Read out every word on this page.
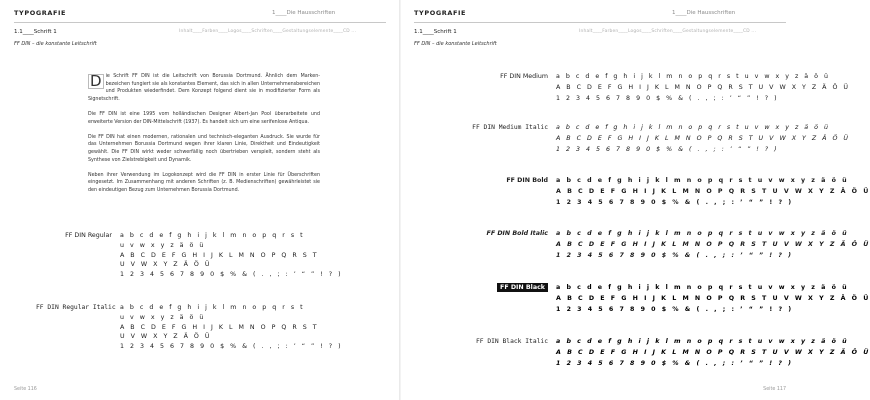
TYPOGRAFIE	1____Die Hausschriften
1.1____Schrift 1	Inhalt____Farben____Logos____Schriften____Gestaltungselemente____CD ...
FF DIN – die konstante Leitschrift

D ie Schrift FF DIN ist die Leitschrift von Borussia Dortmund. Ähnlich dem Marken-bezeichen fungiert sie als konstantes Element, das sich in allen Unternehmensbereichen und Produkten wiederfindet. Dem Konzept folgend dient sie in modifizierter Form als Signetschrift.

Die FF DIN ist eine 1995 vom holländischen Designer Albert-Jan Pool überarbeitete und erweiterte Version der DIN-Mittelschrift (1937). Es handelt sich um eine serifenlose Antiqua.

Die FF DIN hat einen modernen, rationalen und technisch-eleganten Ausdruck. Sie wurde für das Unternehmen Borussia Dortmund wegen ihrer klaren Linie, Direktheit und Eindeutigkeit gewählt. Die FF DIN wirkt weder schwerfällig noch übertrieben verspielt, sondern steht als Synthese von Zielstrebigkeit und Dynamik.

Neben ihrer Verwendung im Logokonzept wird die FF DIN in erster Linie für Überschriften eingesetzt. Im Zusammenhang mit anderen Schriften (z. B. Medienschriften) gewährleistet sie den eindeutigen Bezug zum Unternehmen Borussia Dortmund.

FF DIN Regular a b c d e f g h i j k l m n o p q r s t
u v w x y z ä ö ü
A B C D E F G H I J K L M N O P Q R S T
U V W X Y Z Ä Ö Ü
1 2 3 4 5 6 7 8 9 0 $ % & ( . , ; : ’ “ ” ! ? )
FF DIN Regular Italic a b c d e f g h i j k l m n o p q r s t
u v w x y z ä ö ü
A B C D E F G H I J K L M N O P Q R S T
U V W X Y Z Ä Ö Ü
1 2 3 4 5 6 7 8 9 0 $ % & ( . , ; : ’ “ ” ! ? )
Seite 116
TYPOGRAFIE	1____Die Hausschriften
1.1____Schrift 1	Inhalt____Farben____Logos____Schriften____Gestaltungselemente____CD ...
FF DIN – die konstante Leitschrift
FF DIN Medium a b c d e f g h i j k l m n o p q r s t u v w x y z ä ö ü
A B C D E F G H I J K L M N O P Q R S T U V W X Y Z Ä Ö Ü
1 2 3 4 5 6 7 8 9 0 $ % & ( . , ; : ’ “ ” ! ? )
FF DIN Medium Italic a b c d e f g h i j k l m n o p q r s t u v w x y z ä ö ü
A B C D E F G H I J K L M N O P Q R S T U V W X Y Z Ä Ö Ü
1 2 3 4 5 6 7 8 9 0 $ % & ( . , ; : ’ “ ” ! ? )
FF DIN Bold a b c d e f g h i j k l m n o p q r s t u v w x y z ä ö ü
A B C D E F G H I J K L M N O P Q R S T U V W X Y Z Ä Ö Ü
1 2 3 4 5 6 7 8 9 0 $ % & ( . , ; : ’ “ ” ! ? )
FF DIN Bold Italic a b c d e f g h i j k l m n o p q r s t u v w x y z ä ö ü
A B C D E F G H I J K L M N O P Q R S T U V W X Y Z Ä Ö Ü
1 2 3 4 5 6 7 8 9 0 $ % & ( . , ; : ’ “ ” ! ? )
FF DIN Black	a b c d e f g h i j k l m n o p q r s t u v w x y z ä ö ü
A B C D E F G H I J K L M N O P Q R S T U V W X Y Z Ä Ö Ü
1 2 3 4 5 6 7 8 9 0 $ % & ( . , ; : ’ “ ” ! ? )
FF DIN Black Italic a b c d e f g h i j k l m n o p q r s t u v w x y z ä ö ü
A B C D E F G H I J K L M N O P Q R S T U V W X Y Z Ä Ö Ü
1 2 3 4 5 6 7 8 9 0 $ % & ( . , ; : ’ “ ” ! ? )
Seite 117
